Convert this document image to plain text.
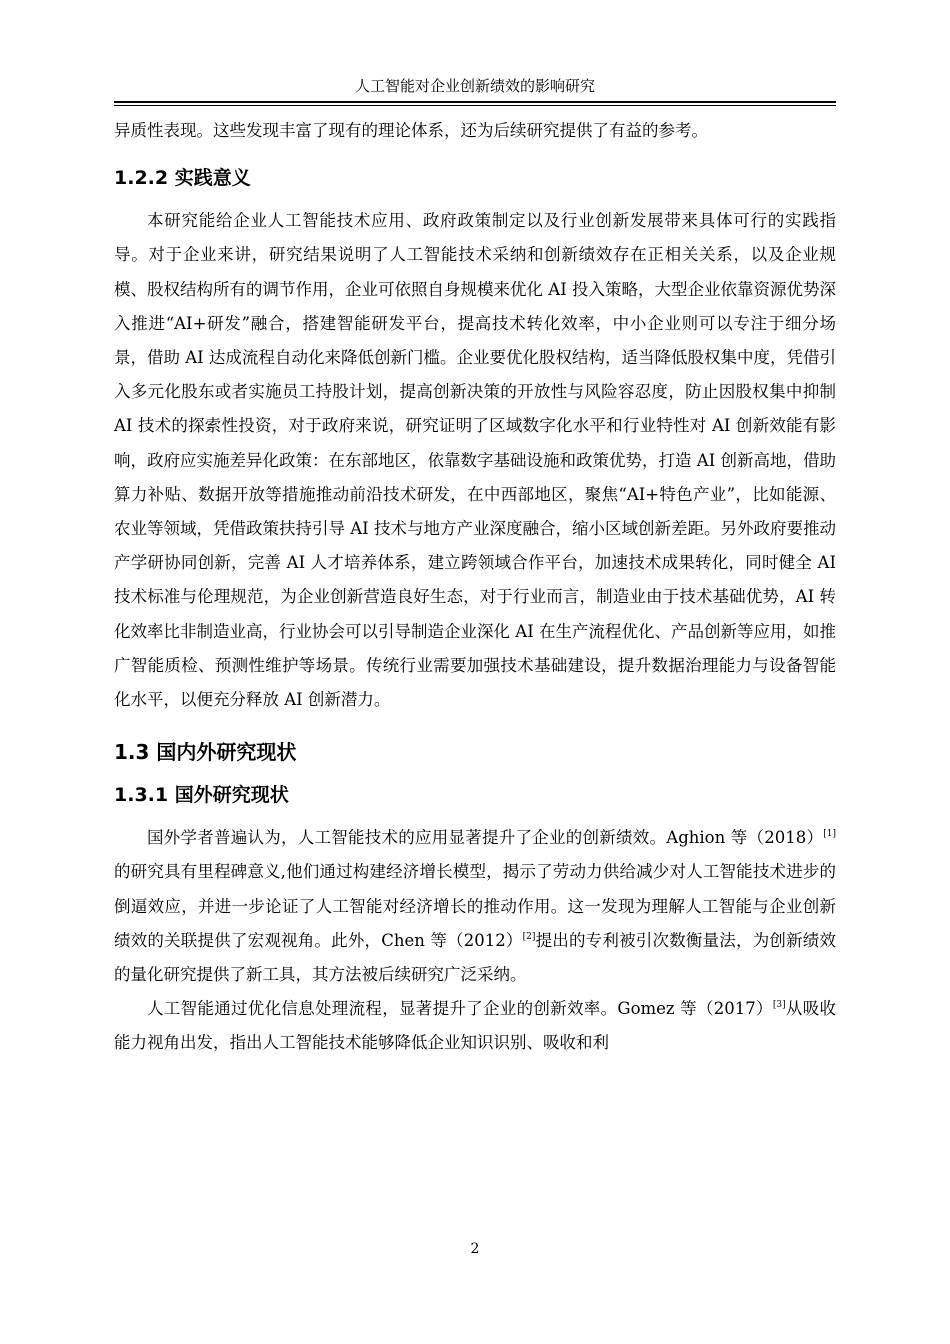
人工智能对企业创新绩效的影响研究

异质性表现。这些发现丰富了现有的理论体系，还为后续研究提供了有益的参考。

1.2.2 实践意义

本研究能给企业人工智能技术应用、政府政策制定以及行业创新发展带来具体可行的实践指导。对于企业来讲，研究结果说明了人工智能技术采纳和创新绩效存在正相关关系，以及企业规模、股权结构所有的调节作用，企业可依照自身规模来优化 AI 投入策略，大型企业依靠资源优势深入推进“AI+研发”融合，搭建智能研发平台，提高技术转化效率，中小企业则可以专注于细分场景，借助 AI 达成流程自动化来降低创新门槛。企业要优化股权结构，适当降低股权集中度，凭借引入多元化股东或者实施员工持股计划，提高创新决策的开放性与风险容忍度，防止因股权集中抑制 AI 技术的探索性投资，对于政府来说，研究证明了区域数字化水平和行业特性对 AI 创新效能有影响，政府应实施差异化政策：在东部地区，依靠数字基础设施和政策优势，打造 AI 创新高地，借助算力补贴、数据开放等措施推动前沿技术研发，在中西部地区，聚焦“AI+特色产业”，比如能源、农业等领域，凭借政策扶持引导 AI 技术与地方产业深度融合，缩小区域创新差距。另外政府要推动产学研协同创新，完善 AI 人才培养体系，建立跨领域合作平台，加速技术成果转化，同时健全 AI 技术标准与伦理规范，为企业创新营造良好生态，对于行业而言，制造业由于技术基础优势，AI 转化效率比非制造业高，行业协会可以引导制造企业深化 AI 在生产流程优化、产品创新等应用，如推广智能质检、预测性维护等场景。传统行业需要加强技术基础建设，提升数据治理能力与设备智能化水平，以便充分释放 AI 创新潜力。

1.3 国内外研究现状
1.3.1 国外研究现状

国外学者普遍认为，人工智能技术的应用显著提升了企业的创新绩效。Aghion 等（2018）[1]的研究具有里程碑意义,他们通过构建经济增长模型，揭示了劳动力供给减少对人工智能技术进步的倒逼效应，并进一步论证了人工智能对经济增长的推动作用。这一发现为理解人工智能与企业创新绩效的关联提供了宏观视角。此外，Chen 等（2012）[2]提出的专利被引次数衡量法，为创新绩效的量化研究提供了新工具，其方法被后续研究广泛采纳。

人工智能通过优化信息处理流程，显著提升了企业的创新效率。Gomez 等（2017）[3]从吸收能力视角出发，指出人工智能技术能够降低企业知识识别、吸收和利

2
